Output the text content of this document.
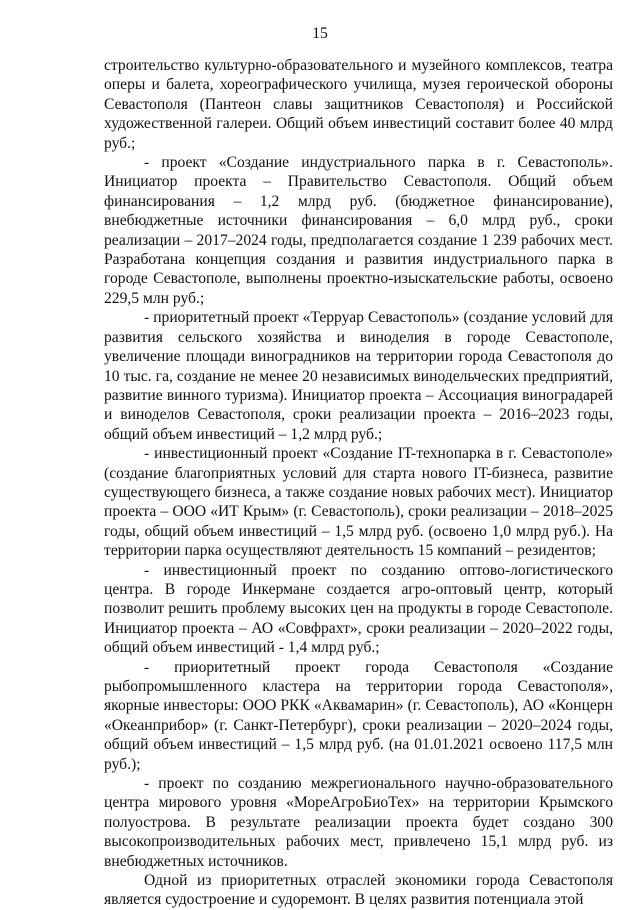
15

строительство культурно-образовательного и музейного комплексов, театра оперы и балета, хореографического училища, музея героической обороны Севастополя (Пантеон славы защитников Севастополя) и Российской художественной галереи. Общий объем инвестиций составит более 40 млрд руб.;

- проект «Создание индустриального парка в г. Севастополь». Инициатор проекта – Правительство Севастополя. Общий объем финансирования – 1,2 млрд руб. (бюджетное финансирование), внебюджетные источники финансирования – 6,0 млрд руб., сроки реализации – 2017–2024 годы, предполагается создание 1 239 рабочих мест. Разработана концепция создания и развития индустриального парка в городе Севастополе, выполнены проектно-изыскательские работы, освоено 229,5 млн руб.;

- приоритетный проект «Терруар Севастополь» (создание условий для развития сельского хозяйства и виноделия в городе Севастополе, увеличение площади виноградников на территории города Севастополя до 10 тыс. га, создание не менее 20 независимых винодельческих предприятий, развитие винного туризма). Инициатор проекта – Ассоциация виноградарей и виноделов Севастополя, сроки реализации проекта – 2016–2023 годы, общий объем инвестиций – 1,2 млрд руб.;

- инвестиционный проект «Создание IT-технопарка в г. Севастополе» (создание благоприятных условий для старта нового IT-бизнеса, развитие существующего бизнеса, а также создание новых рабочих мест). Инициатор проекта – ООО «ИТ Крым» (г. Севастополь), сроки реализации – 2018–2025 годы, общий объем инвестиций – 1,5 млрд руб. (освоено 1,0 млрд руб.). На территории парка осуществляют деятельность 15 компаний – резидентов;

- инвестиционный проект по созданию оптово-логистического центра. В городе Инкермане создается агро-оптовый центр, который позволит решить проблему высоких цен на продукты в городе Севастополе. Инициатор проекта – АО «Совфрахт», сроки реализации – 2020–2022 годы, общий объем инвестиций - 1,4 млрд руб.;

- приоритетный проект города Севастополя «Создание рыбопромышленного кластера на территории города Севастополя», якорные инвесторы: ООО РКК «Аквамарин» (г. Севастополь), АО «Концерн «Океанприбор» (г. Санкт-Петербург), сроки реализации – 2020–2024 годы, общий объем инвестиций – 1,5 млрд руб. (на 01.01.2021 освоено 117,5 млн руб.);

- проект по созданию межрегионального научно-образовательного центра мирового уровня «МореАгроБиоТех» на территории Крымского полуострова. В результате реализации проекта будет создано 300 высокопроизводительных рабочих мест, привлечено 15,1 млрд руб. из внебюджетных источников.

Одной из приоритетных отраслей экономики города Севастополя является судостроение и судоремонт. В целях развития потенциала этой
